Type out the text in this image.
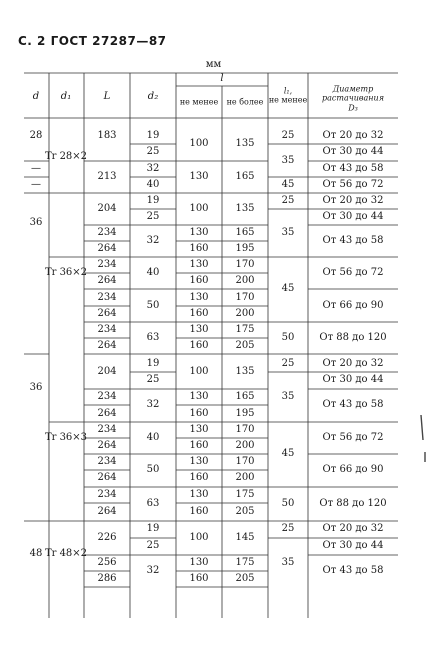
С. 2 ГОСТ 27287—87
мм
d d₁	L	d₂
l
не менее не более
l₁,
не менее
Диаметр
растачивания
D₃
28
—
—
36
36
48
Tr 28×2
Tr 36×2
Tr 36×3
Tr 48×2
183
213
204
234
264
234
264
234
264
234
264
204
234
264
234
264
234
264
234
264
226
256
286
19
25
32
40
19
25
32
40
50
63
19
25
32
40
50
63
19
25
32
100
130
100
130
160
130
160
130
160
130
160
100
130
160
130
160
130
160
130
160
100
130
160
135
165
135
165
195
170
200
170
200
175
205
135
165
195
170
200
170
200
175
205
145
175
205
25
35
45
25
35
45
50
25
35
45
50
25
35
От 20 до 32
От 30 до 44
От 43 до 58
От 56 до 72
От 20 до 32
От 30 до 44
От 43 до 58
От 56 до 72
От 66 до 90
От 88 до 120
От 20 до 32
От 30 до 44
От 43 до 58
От 56 до 72
От 66 до 90
От 88 до 120
От 20 до 32
От 30 до 44
От 43 до 58
